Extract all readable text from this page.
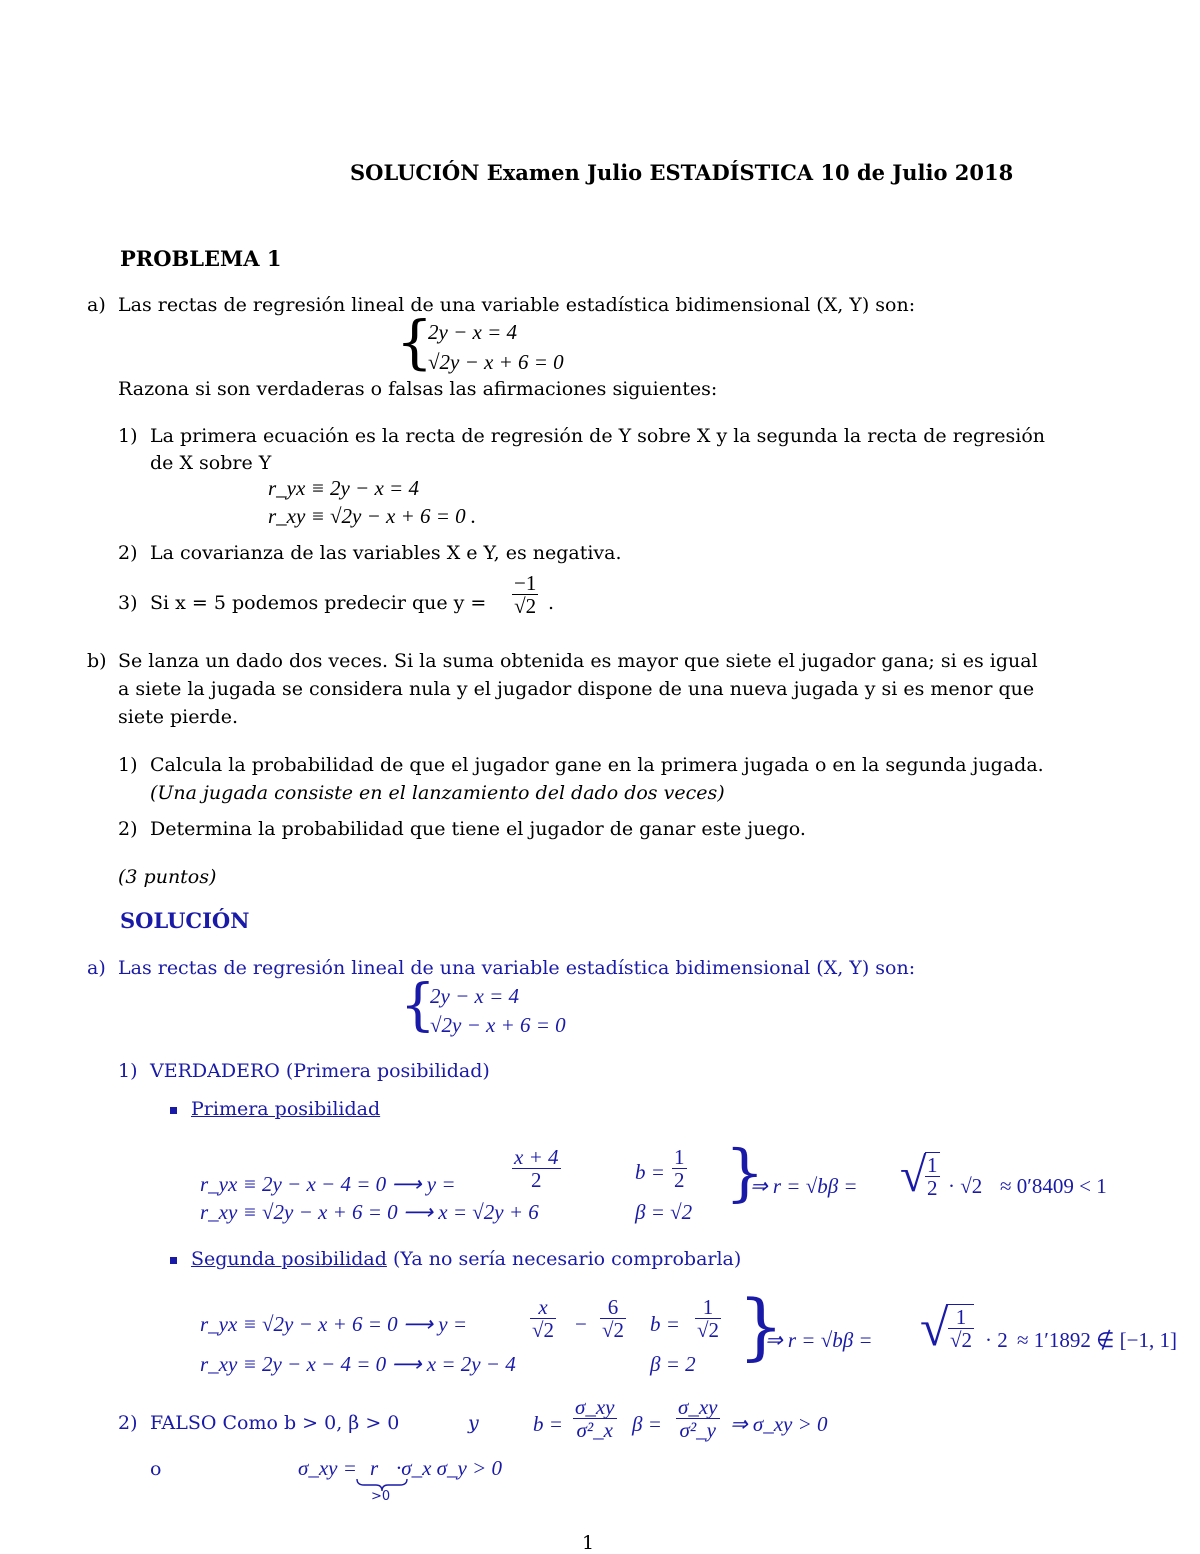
SOLUCIÓN Examen Julio ESTADÍSTICA 10 de Julio 2018
PROBLEMA 1
a) Las rectas de regresión lineal de una variable estadística bidimensional (X, Y) son:
{
2y − x = 4
√2y − x + 6 = 0
Razona si son verdaderas o falsas las afirmaciones siguientes:
1) La primera ecuación es la recta de regresión de Y sobre X y la segunda la recta de regresión
de X sobre Y
r_yx ≡ 2y − x = 4
r_xy ≡ √2y − x + 6 = 0 .
2) La covarianza de las variables X e Y, es negativa.
3) Si x = 5 podemos predecir que $y = \frac{-1}{√2}$ .
b) Se lanza un dado dos veces. Si la suma obtenida es mayor que siete el jugador gana; si es igual
a siete la jugada se considera nula y el jugador dispone de una nueva jugada y si es menor que
siete pierde.
1) Calcula la probabilidad de que el jugador gane en la primera jugada o en la segunda jugada.
(Una jugada consiste en el lanzamiento del dado dos veces)
2) Determina la probabilidad que tiene el jugador de ganar este juego.
(3 puntos)
SOLUCIÓN
a) Las rectas de regresión lineal de una variable estadística bidimensional (X, Y) son:
{
2y − x = 4
√2y − x + 6 = 0
1) VERDADERO (Primera posibilidad)
Primera posibilidad
r_yx ≡ 2y − x − 4 = 0 ⟶ y =	$\frac{x + 4}{2}$	$b = \frac{1}{2}$
r_xy ≡ √2y − x + 6 = 0 ⟶ x = √2y + 6	β = √2
}
⇒ r = √bβ = √
$\frac{1}{2} \cdot √2 \approx 0'8409 < 1$
Segunda posibilidad (Ya no sería necesario comprobarla)
r_yx ≡ √2y − x + 6 = 0 ⟶ y =	$\frac{x}{√2} - \frac{6}{√2}$ $b = \frac{1}{√2}$
r_xy ≡ 2y − x − 4 = 0 ⟶ x = 2y − 4	β = 2 }
⇒ r = √bβ = √ $\frac{1}{√2} \cdot 2 \approx 1'1892$ ∉ [−1, 1]
2) FALSO Como b > 0, β > 0	y	$b = \frac{\sigma\_xy}{\text{σ²\_x}}$ $\beta = \frac{\sigma\_xy}{\text{σ²\_y}}$ ⇒ σ_xy > 0
o	σ_xy = r ·σ_x σ_y > 0
>0
1
